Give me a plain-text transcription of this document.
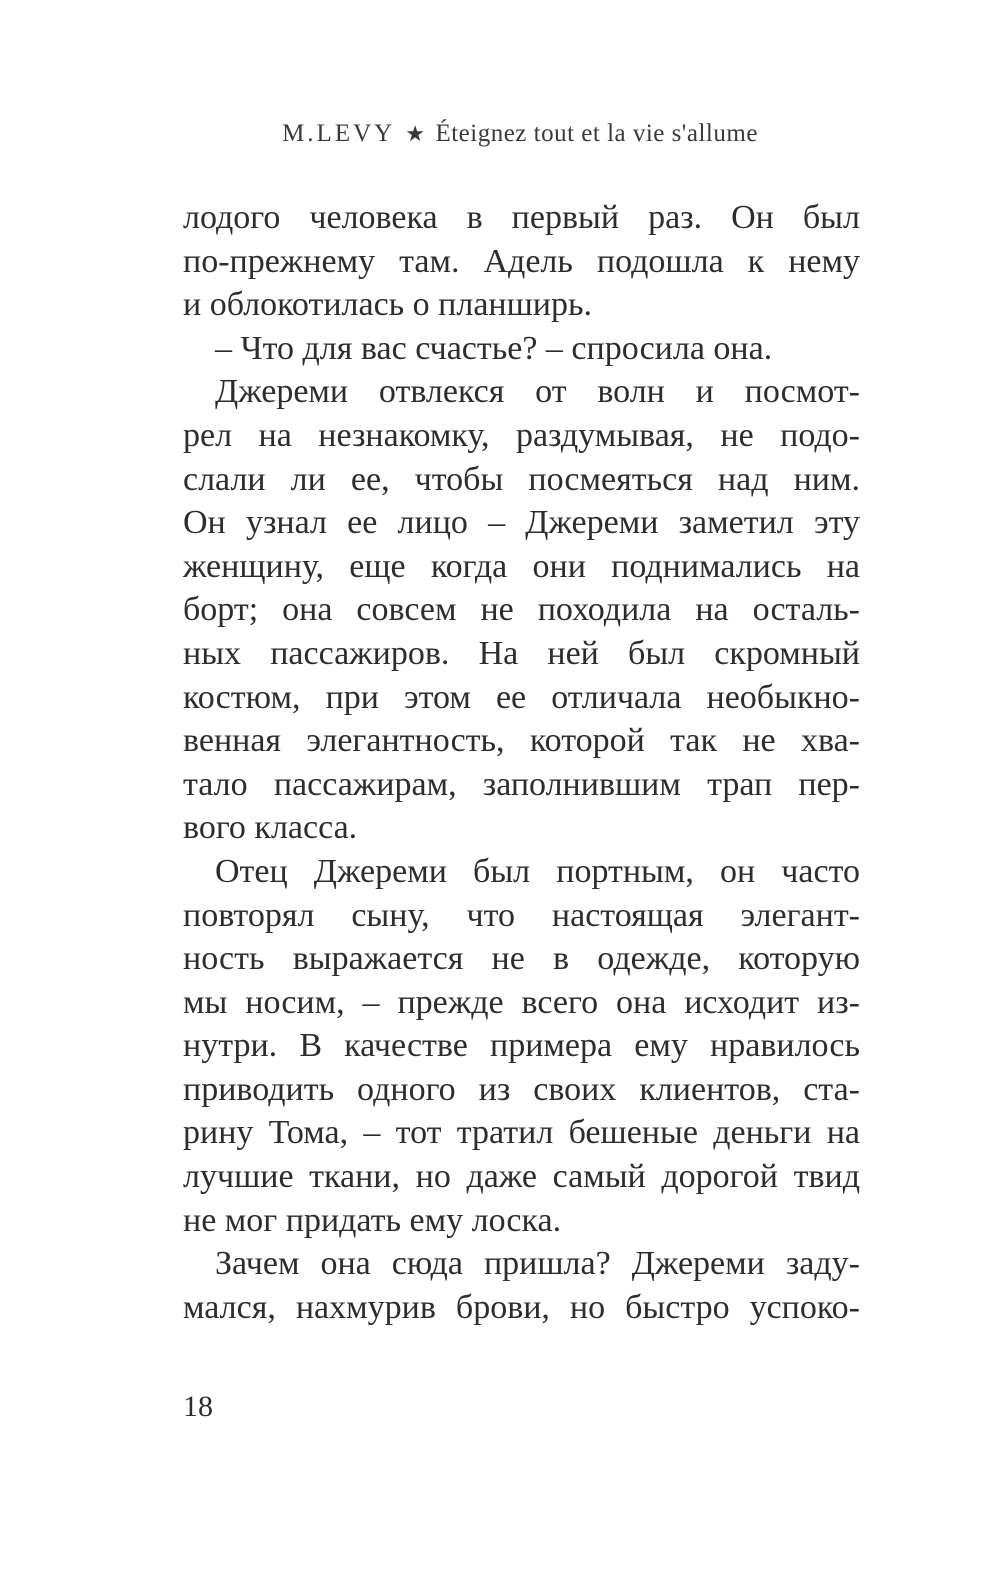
M.LEVY ★ Éteignez tout et la vie s'allume
лодого человека в первый раз. Он был
по-прежнему там. Адель подошла к нему
и облокотилась о планширь.
– Что для вас счастье? – спросила она.
Джереми отвлекся от волн и посмот-
рел на незнакомку, раздумывая, не подо-
слали ли ее, чтобы посмеяться над ним.
Он узнал ее лицо – Джереми заметил эту
женщину, еще когда они поднимались на
борт; она совсем не походила на осталь-
ных пассажиров. На ней был скромный
костюм, при этом ее отличала необыкно-
венная элегантность, которой так не хва-
тало пассажирам, заполнившим трап пер-
вого класса.
Отец Джереми был портным, он часто
повторял сыну, что настоящая элегант-
ность выражается не в одежде, которую
мы носим, – прежде всего она исходит из-
нутри. В качестве примера ему нравилось
приводить одного из своих клиентов, ста-
рину Тома, – тот тратил бешеные деньги на
лучшие ткани, но даже самый дорогой твид
не мог придать ему лоска.
Зачем она сюда пришла? Джереми заду-
мался, нахмурив брови, но быстро успоко-
18
